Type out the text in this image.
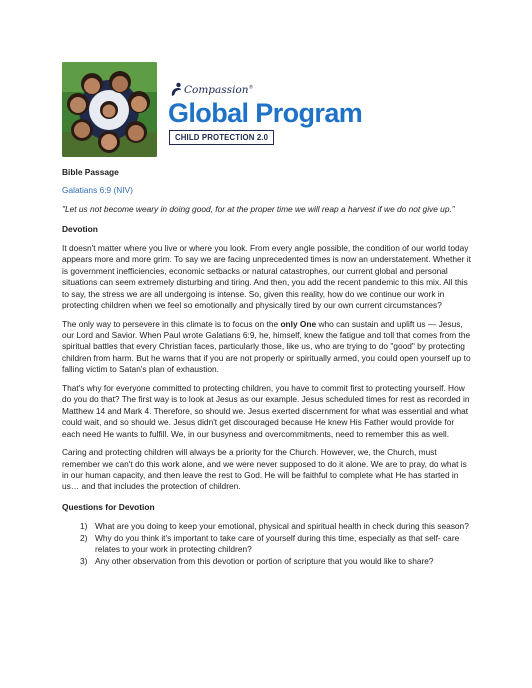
Compassion®
Global Program
CHILD PROTECTION 2.0

Bible Passage

Galatians 6:9 (NIV)

"Let us not become weary in doing good, for at the proper time we will reap a harvest if we do not give up."

Devotion

It doesn't matter where you live or where you look. From every angle possible, the condition of our world today appears more and more grim. To say we are facing unprecedented times is now an understatement. Whether it is government inefficiencies, economic setbacks or natural catastrophes, our current global and personal situations can seem extremely disturbing and tiring. And then, you add the recent pandemic to this mix. All this to say, the stress we are all undergoing is intense. So, given this reality, how do we continue our work in protecting children when we feel so emotionally and physically tired by our own current circumstances?

The only way to persevere in this climate is to focus on the only One who can sustain and uplift us — Jesus, our Lord and Savior. When Paul wrote Galatians 6:9, he, himself, knew the fatigue and toll that comes from the spiritual battles that every Christian faces, particularly those, like us, who are trying to do "good" by protecting children from harm. But he warns that if you are not properly or spiritually armed, you could open yourself up to falling victim to Satan's plan of exhaustion.

That's why for everyone committed to protecting children, you have to commit first to protecting yourself. How do you do that? The first way is to look at Jesus as our example. Jesus scheduled times for rest as recorded in Matthew 14 and Mark 4. Therefore, so should we. Jesus exerted discernment for what was essential and what could wait, and so should we. Jesus didn't get discouraged because He knew His Father would provide for each need He wants to fulfill. We, in our busyness and overcommitments, need to remember this as well.

Caring and protecting children will always be a priority for the Church. However, we, the Church, must remember we can't do this work alone, and we were never supposed to do it alone. We are to pray, do what is in our human capacity, and then leave the rest to God. He will be faithful to complete what He has started in us… and that includes the protection of children.

Questions for Devotion

1) What are you doing to keep your emotional, physical and spiritual health in check during this season?
2) Why do you think it's important to take care of yourself during this time, especially as that self- care relates to your work in protecting children?
3) Any other observation from this devotion or portion of scripture that you would like to share?
